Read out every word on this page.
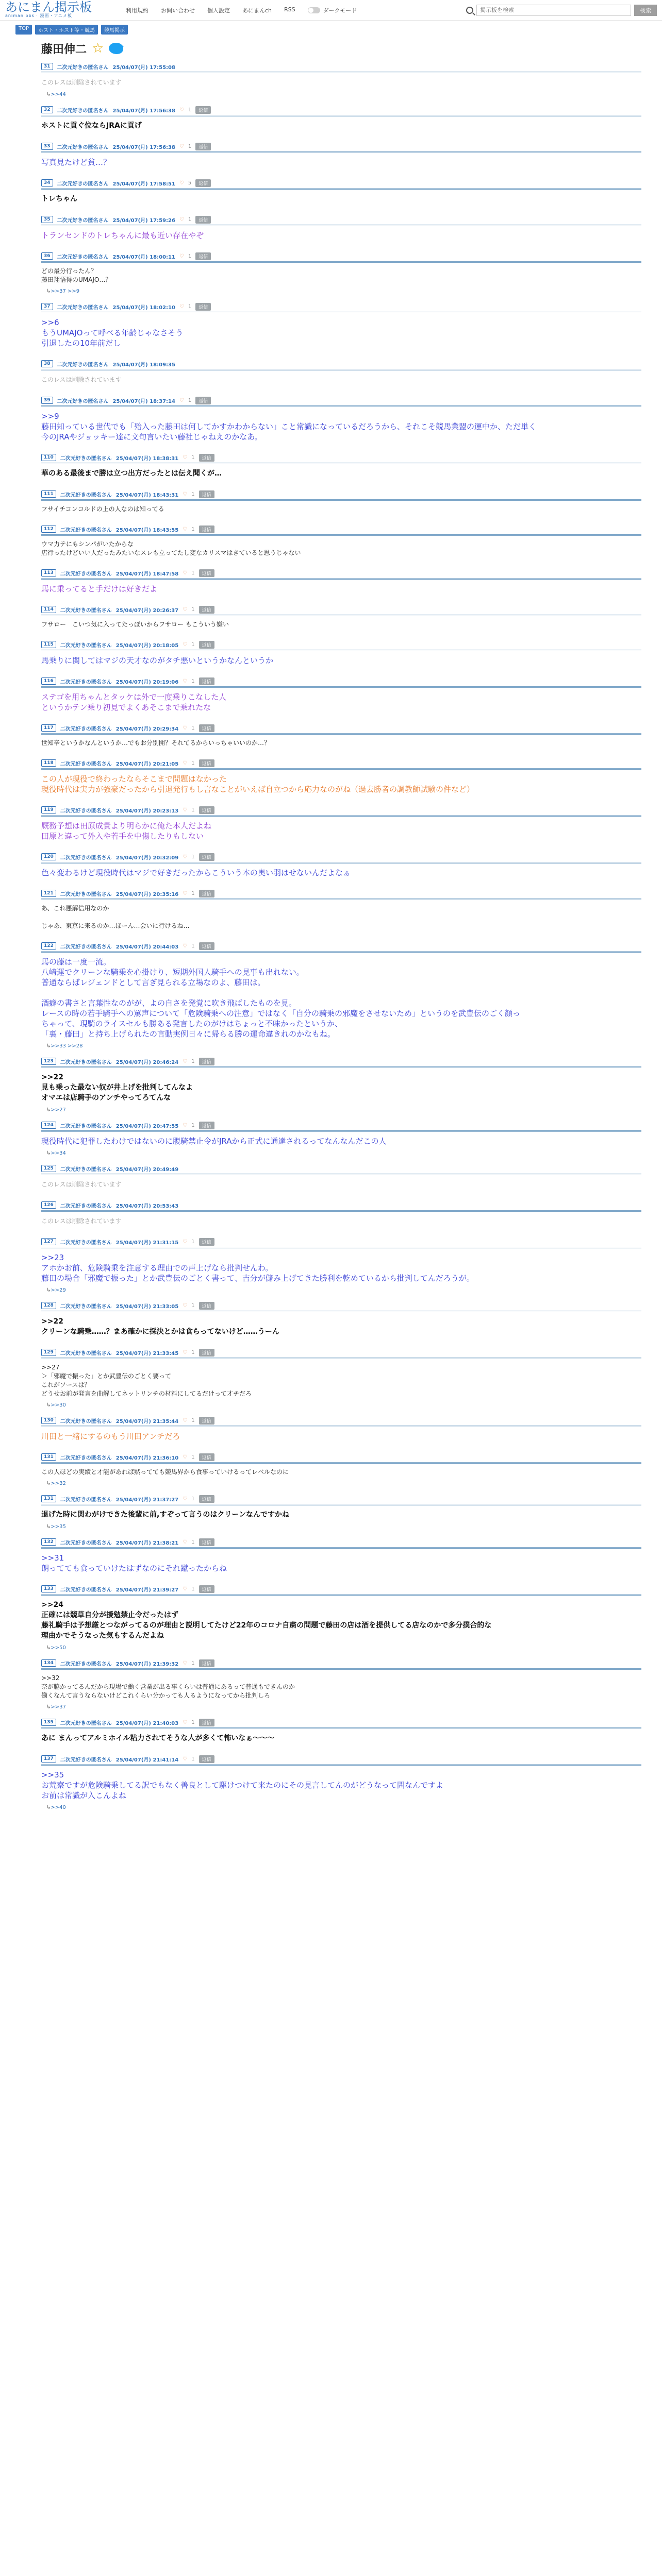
あにまん掲示板
animan bbs · 漫画・アニメ板
利用規約 お問い合わせ 個人設定 あにまんch RSS	ダークモード
掲示板を検索	検索
TOP	ホスト・ホスト等・競馬	競馬掲示
藤田伸二 ☆
31	二次元好きの匿名さん 25/04/07(月) 17:55:08
このレスは削除されています
↳ >>44
32	二次元好きの匿名さん 25/04/07(月) 17:56:38 ♡ 1	返信
ホストに貢ぐ位ならJRAに貢げ
33	二次元好きの匿名さん 25/04/07(月) 17:56:38 ♡ 1	返信
写真見たけど貧…？
34	二次元好きの匿名さん 25/04/07(月) 17:58:51 ♡ 5	返信
トレちゃん
35	二次元好きの匿名さん 25/04/07(月) 17:59:26 ♡ 1	返信
トランセンドのトレちゃんに最も近い存在やぞ
36	二次元好きの匿名さん 25/04/07(月) 18:00:11 ♡ 1	返信
どの最分行ったん？
藤田翔悟得のUMAJO…？
↳ >>37 >>9
37	二次元好きの匿名さん 25/04/07(月) 18:02:10 ♡ 1	返信
>>6
もうUMAJOって呼べる年齢じゃなさそう
引退したの10年前だし
38	二次元好きの匿名さん 25/04/07(月) 18:09:35
このレスは削除されています
39	二次元好きの匿名さん 25/04/07(月) 18:37:14 ♡ 1	返信
>>9
藤田知っている世代でも「殆入った藤田は何してかすかわからない」こと常識になっているだろうから、それこそ競馬業盟の運中か、ただ単く
今のJRAやジョッキー達に文句言いたい藤社じゃねえのかなあ。
110	二次元好きの匿名さん 25/04/07(月) 18:38:31 ♡ 1	返信
華のある最後まで勝は立つ出方だったとは伝え聞くが…
111	二次元好きの匿名さん 25/04/07(月) 18:43:31 ♡ 1	返信
フサイチコンコルドの上の人なのは知ってる
112	二次元好きの匿名さん 25/04/07(月) 18:43:55 ♡ 1	返信
ウマ力テにもシンパがいたからな
店行ったけどいい人だったみたいなスレも立ってたし変なカリスマはきていると思うじゃない
113	二次元好きの匿名さん 25/04/07(月) 18:47:58 ♡ 1	返信
馬に乗ってると手だけは好きだよ
114	二次元好きの匿名さん 25/04/07(月) 20:26:37 ♡ 1	返信
フサロー　こいつ気に入ってたっぽいからフサロー もこういう嫌い
115	二次元好きの匿名さん 25/04/07(月) 20:18:05 ♡ 1	返信
馬乗りに関してはマジの天才なのがタチ悪いというかなんというか
116	二次元好きの匿名さん 25/04/07(月) 20:19:06 ♡ 1	返信
ステゴを用ちゃんとタッケは外で一度乗りこなした人
というかテン乗り初見でよくあそこまで乗れたな
117	二次元好きの匿名さん 25/04/07(月) 20:29:34 ♡ 1	返信
世知辛というかなんというか…でもお分別開？それてるからいっちゃいいのか…？
118	二次元好きの匿名さん 25/04/07(月) 20:21:05 ♡ 1	返信
この人が現役で終わったならそこまで問題はなかった
現役時代は実力が強豪だったから引退発行もし言なことがいえば自立つから応力なのがね（過去勝者の調教師試験の件など）
119	二次元好きの匿名さん 25/04/07(月) 20:23:13 ♡ 1	返信
厩務予想は田原成貴より明らかに俺た本人だよね
田原と違って外入や若手を中傷したりもしない
120	二次元好きの匿名さん 25/04/07(月) 20:32:09 ♡ 1	返信
色々変わるけど現役時代はマジで好きだったからこういう本の奥い羽はせないんだよなぁ
121	二次元好きの匿名さん 25/04/07(月) 20:35:16 ♡ 1	返信
あ、これ悪解信用なのか

じゃあ、東京に来るのか…ほーん…会いに行けるね…
122	二次元好きの匿名さん 25/04/07(月) 20:44:03 ♡ 1	返信
馬の藤は一度一流。
八崎運でクリーンな騎乗を心掛けり、短期外国人騎手への見事も出れない。
普通ならばレジェンドとして言ぎ見られる立場なのよ、藤田は。

酒癖の書さと言葉性なのがが、よの自さを発覚に吹き飛ばしたものを見。
レースの時の若手騎手への罵声について「危険騎乗への注意」ではなく「自分の騎乗の邪魔をさせないため」というのを武豊伝のごく顔っ
ちゃって、現騎のライスセルも勝ある発言したのがけはちょっと不味かったというか、
「裏・藤田」と持ち上げられたの言動実例日々に帰らる勝の運命違きれのかなもね。
↳ >>33 >>28
123	二次元好きの匿名さん 25/04/07(月) 20:46:24 ♡ 1	返信
>>22
見も乗った最ない奴が井上げを批判してんなよ
オマエは店騎手のアンチやってろてんな
↳ >>27
124	二次元好きの匿名さん 25/04/07(月) 20:47:55 ♡ 1	返信
現役時代に犯罪したわけではないのに腹騎禁止令がJRAから正式に通達されるってなんなんだこの人
↳ >>34
125	二次元好きの匿名さん 25/04/07(月) 20:49:49
このレスは削除されています
126	二次元好きの匿名さん 25/04/07(月) 20:53:43
このレスは削除されています
127	二次元好きの匿名さん 25/04/07(月) 21:31:15 ♡ 1	返信
>>23
アホかお前、危険騎乗を注意する理由での声上げなら批判せんわ。
藤田の場合「邪魔で振った」とか武豊伝のごとく書って、吉分が儲み上げてきた勝利を乾めているから批判してんだろうが。
↳ >>29
128	二次元好きの匿名さん 25/04/07(月) 21:33:05 ♡ 1	返信
>>22
クリーンな騎乗……？まあ確かに採決とかは食らってないけど……うーん
129	二次元好きの匿名さん 25/04/07(月) 21:33:45 ♡ 1	返信
>>27
＞「邪魔で振った」とか武豊伝のごとく要って
これがソースは？
どうせお前が発言を曲解してネットリンチの材料にしてるだけって才チだろ
↳ >>30
130	二次元好きの匿名さん 25/04/07(月) 21:35:44 ♡ 1	返信
川田と一緒にするのもう川田アンチだろ
131	二次元好きの匿名さん 25/04/07(月) 21:36:10 ♡ 1	返信
この人ほどの実績と才能があれば黙ってても競馬界から食事っていけるってレベルなのに
↳ >>32
131	二次元好きの匿名さん 25/04/07(月) 21:37:27 ♡ 1	返信
退げた時に関わがけできた後輩に前,すぞって言うのはクリーンなんですかね
↳ >>35
132	二次元好きの匿名さん 25/04/07(月) 21:38:21 ♡ 1	返信
>>31
朗ってても食っていけたはずなのにそれ蹴ったからね
133	二次元好きの匿名さん 25/04/07(月) 21:39:27 ♡ 1	返信
>>24
正確には競草自分が援勉禁止令だったはず
藤礼騎手は予想厳とつながってるのが理由と説明してたけど22年のコロナ自粛の問題で藤田の店は酒を提供してる店なのかで多分撲合的な
理由かでそうなった気もするんだよね
↳ >>50
134	二次元好きの匿名さん 25/04/07(月) 21:39:32 ♡ 1	返信
>>32
奈が脇かってるんだから現場で働く営業が出る事くらいは普通にあるって普通もできんのか
働くなんて言うならないけどこれくらい分かっても人るようになってから批判しろ
↳ >>37
135	二次元好きの匿名さん 25/04/07(月) 21:40:03 ♡ 1	返信
あに まんってアルミホイル粘力されてそうな人が多くて怖いなぁ〜〜〜
137	二次元好きの匿名さん 25/04/07(月) 21:41:14 ♡ 1	返信
>>35
お荒寮ですが危険騎乗してる訳でもなく善良として駆けつけて来たのにその見言してんのがどうなって問なんですよ
お前は常識が入こんよね
↳ >>40
